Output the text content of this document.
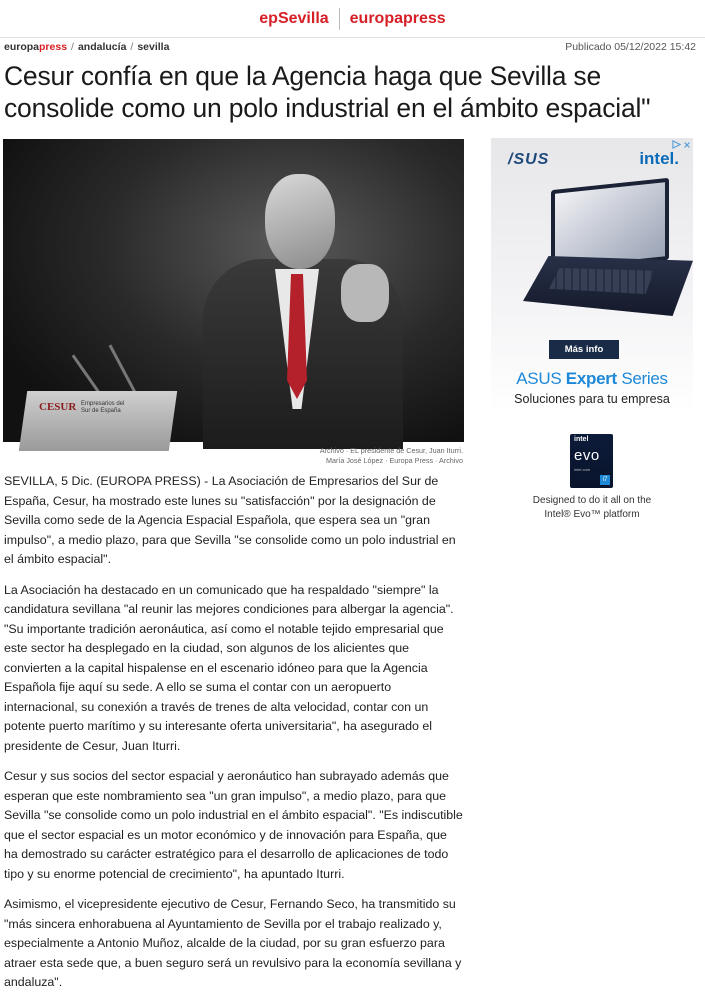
epSevilla europapress
europapress / andalucía / sevilla	Publicado 05/12/2022 15:42
Cesur confía en que la Agencia haga que Sevilla se consolide como un polo industrial en el ámbito espacial"
CESUR Empresarios del Sur de España
Archivo · EL presidente de Cesur, Juan Iturri.
María José López · Europa Press · Archivo

SEVILLA, 5 Dic. (EUROPA PRESS) - La Asociación de Empresarios del Sur de España, Cesur, ha mostrado este lunes su "satisfacción" por la designación de Sevilla como sede de la Agencia Espacial Española, que espera sea un "gran impulso", a medio plazo, para que Sevilla "se consolide como un polo industrial en el ámbito espacial".

La Asociación ha destacado en un comunicado que ha respaldado "siempre" la candidatura sevillana "al reunir las mejores condiciones para albergar la agencia". "Su importante tradición aeronáutica, así como el notable tejido empresarial que este sector ha desplegado en la ciudad, son algunos de los alicientes que convierten a la capital hispalense en el escenario idóneo para que la Agencia Española fije aquí su sede. A ello se suma el contar con un aeropuerto internacional, su conexión a través de trenes de alta velocidad, contar con un potente puerto marítimo y su interesante oferta universitaria", ha asegurado el presidente de Cesur, Juan Iturri.

Cesur y sus socios del sector espacial y aeronáutico han subrayado además que esperan que este nombramiento sea "un gran impulso", a medio plazo, para que Sevilla "se consolide como un polo industrial en el ámbito espacial". "Es indiscutible que el sector espacial es un motor económico y de innovación para España, que ha demostrado su carácter estratégico para el desarrollo de aplicaciones de todo tipo y su enorme potencial de crecimiento", ha apuntado Iturri.

Asimismo, el vicepresidente ejecutivo de Cesur, Fernando Seco, ha transmitido su "más sincera enhorabuena al Ayuntamiento de Sevilla por el trabajo realizado y, especialmente a Antonio Muñoz, alcalde de la ciudad, por su gran esfuerzo para atraer esta sede que, a buen seguro será un revulsivo para la economía sevillana y andaluza".

/SUS	intel.
Más info
ASUS Expert Series
Soluciones para tu empresa
intel
evo
intel core
i7
Designed to do it all on the
Intel® Evo™ platform
